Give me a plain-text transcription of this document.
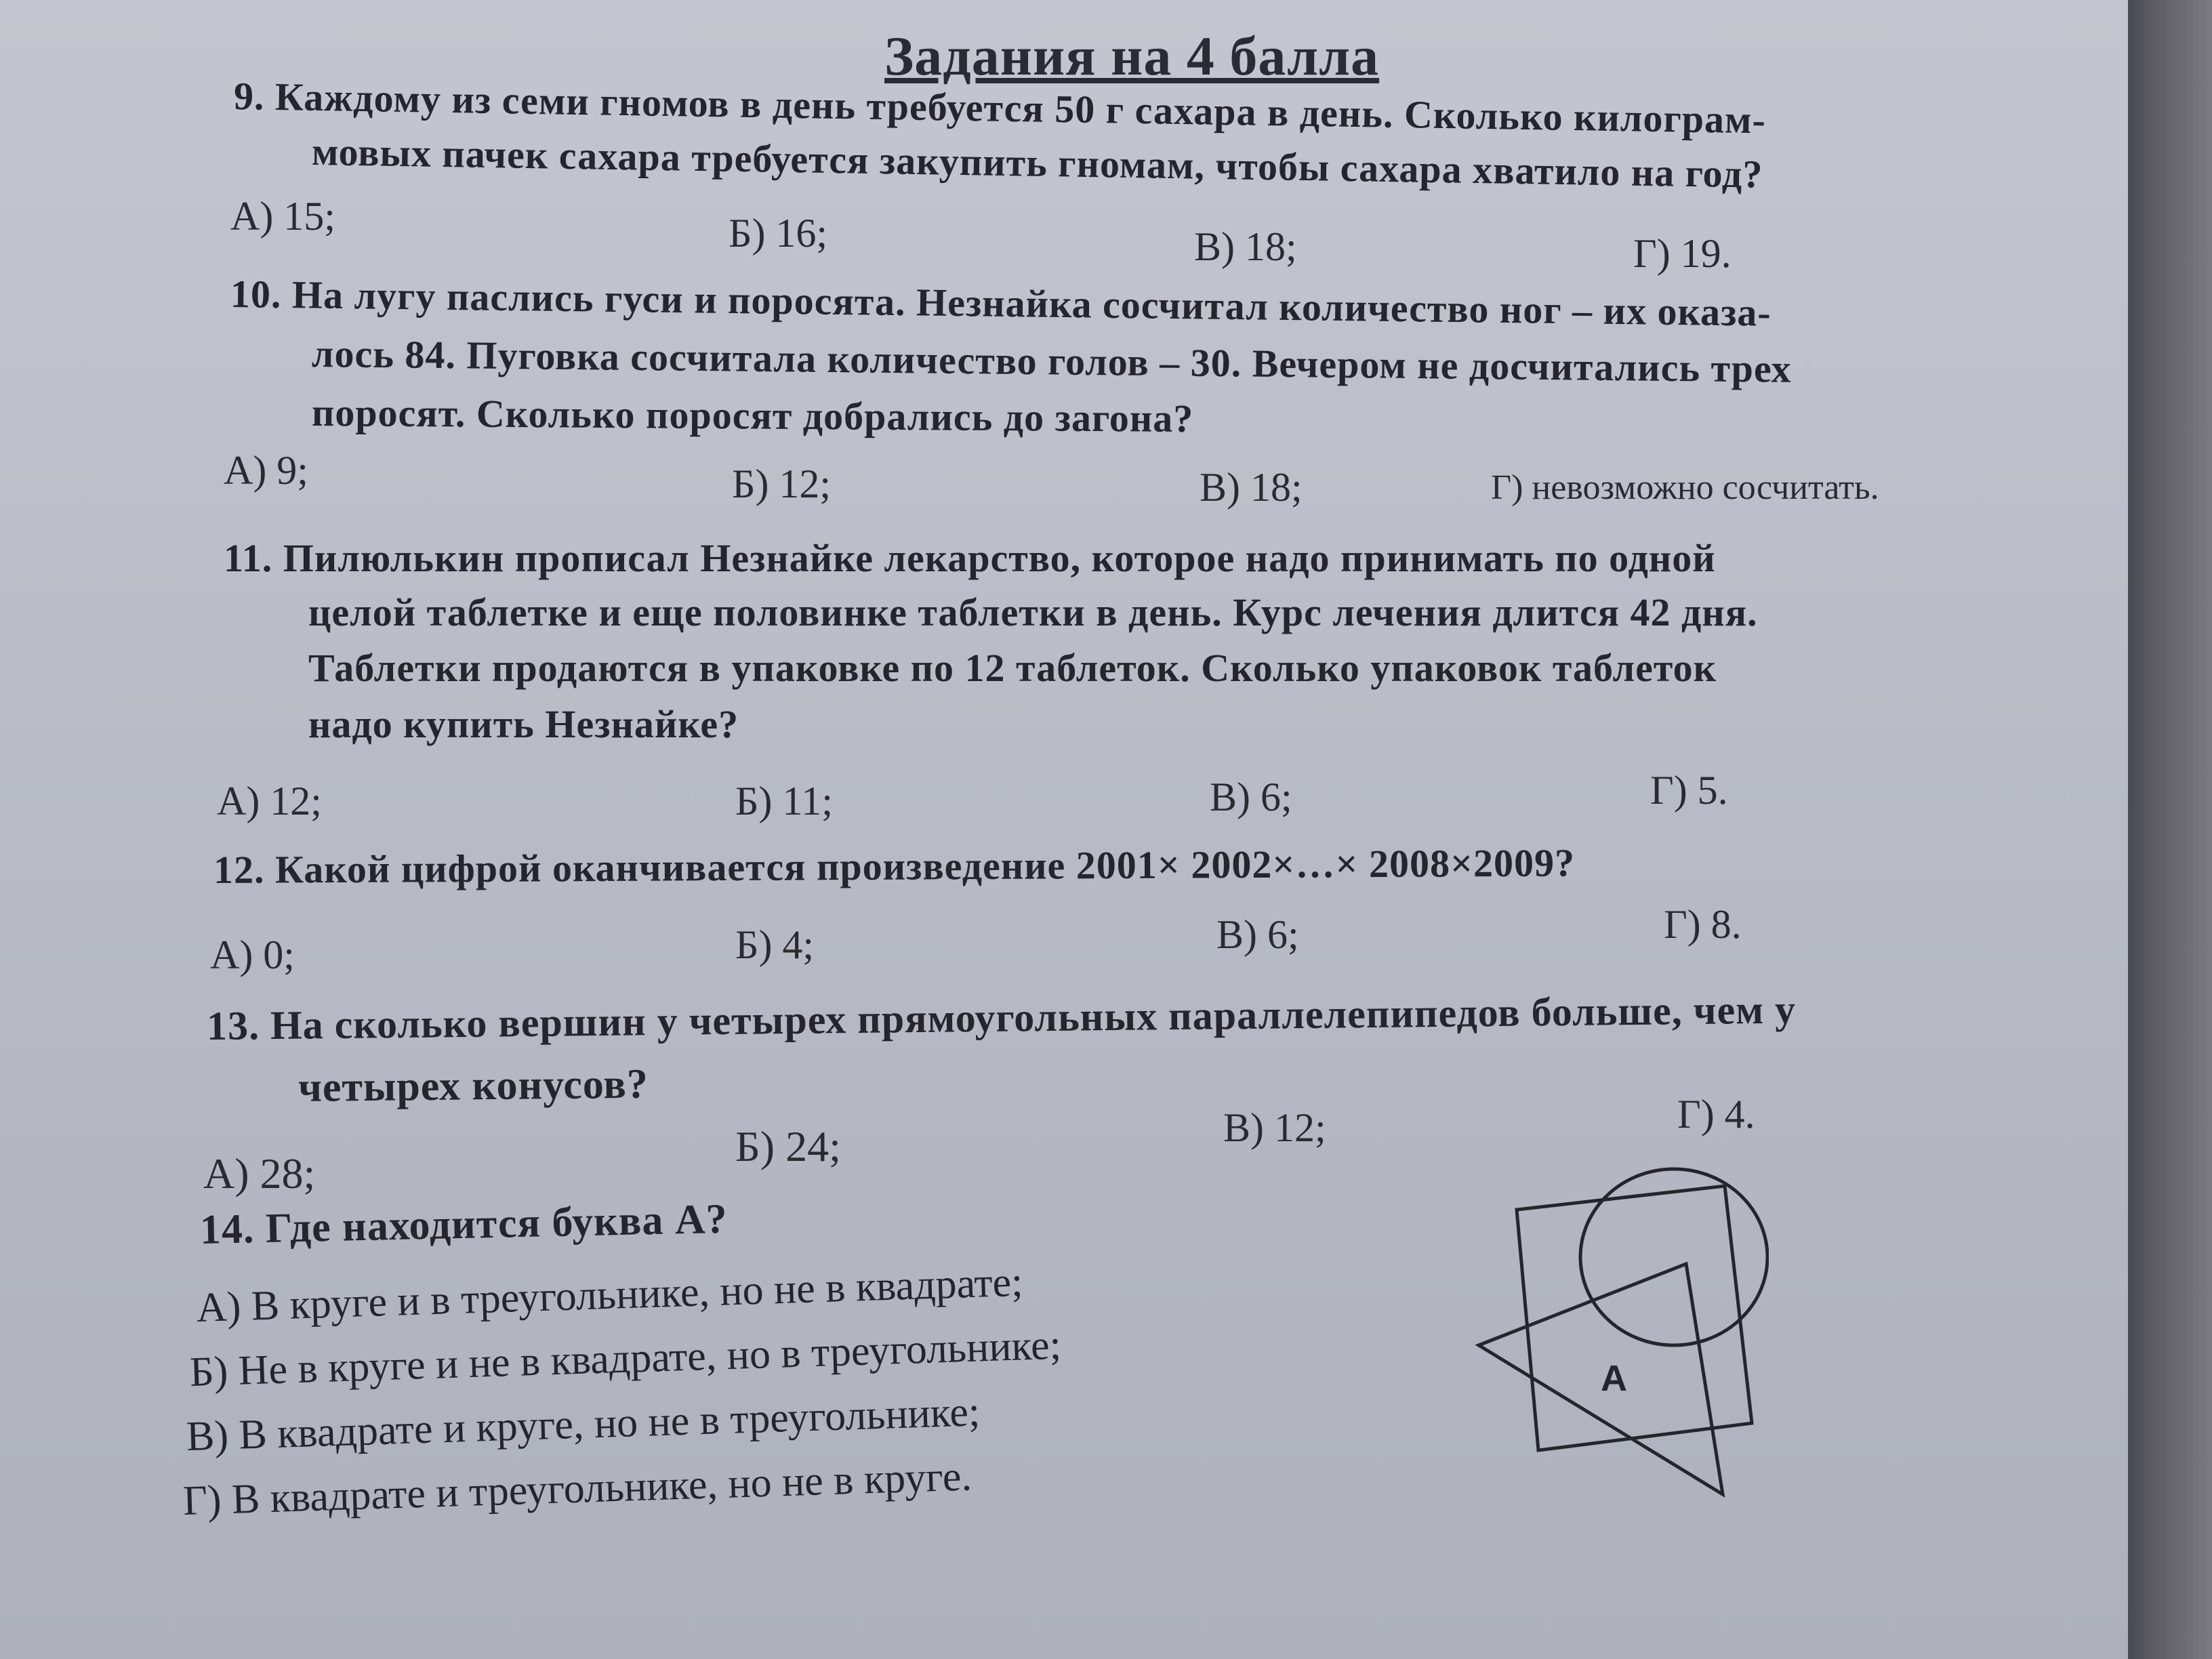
Задания на 4 балла
9. Каждому из семи гномов в день требуется 50 г сахара в день. Сколько килограм-
мовых пачек сахара требуется закупить гномам, чтобы сахара хватило на год?
А) 15;	Б) 16;	В) 18;	Г) 19.
10. На лугу паслись гуси и поросята. Незнайка сосчитал количество ног – их оказа-
лось 84. Пуговка сосчитала количество голов – 30. Вечером не досчитались трех
поросят. Сколько поросят добрались до загона?
А) 9;	Б) 12;	В) 18;	Г) невозможно сосчитать.
11. Пилюлькин прописал Незнайке лекарство, которое надо принимать по одной
целой таблетке и еще половинке таблетки в день. Курс лечения длится 42 дня.
Таблетки продаются в упаковке по 12 таблеток. Сколько упаковок таблеток
надо купить Незнайке?
А) 12;	Б) 11;	В) 6;	Г) 5.
12. Какой цифрой оканчивается произведение 2001× 2002×…× 2008×2009?
А) 0;	Б) 4;	В) 6;	Г) 8.
13. На сколько вершин у четырех прямоугольных параллелепипедов больше, чем у
четырех конусов?
А) 28;
Б) 24;	В) 12;	Г) 4.
14. Где находится буква А?
А) В круге и в треугольнике, но не в квадрате;
Б) Не в круге и не в квадрате, но в треугольнике;
В) В квадрате и круге, но не в треугольнике;
Г) В квадрате и треугольнике, но не в круге.
А
